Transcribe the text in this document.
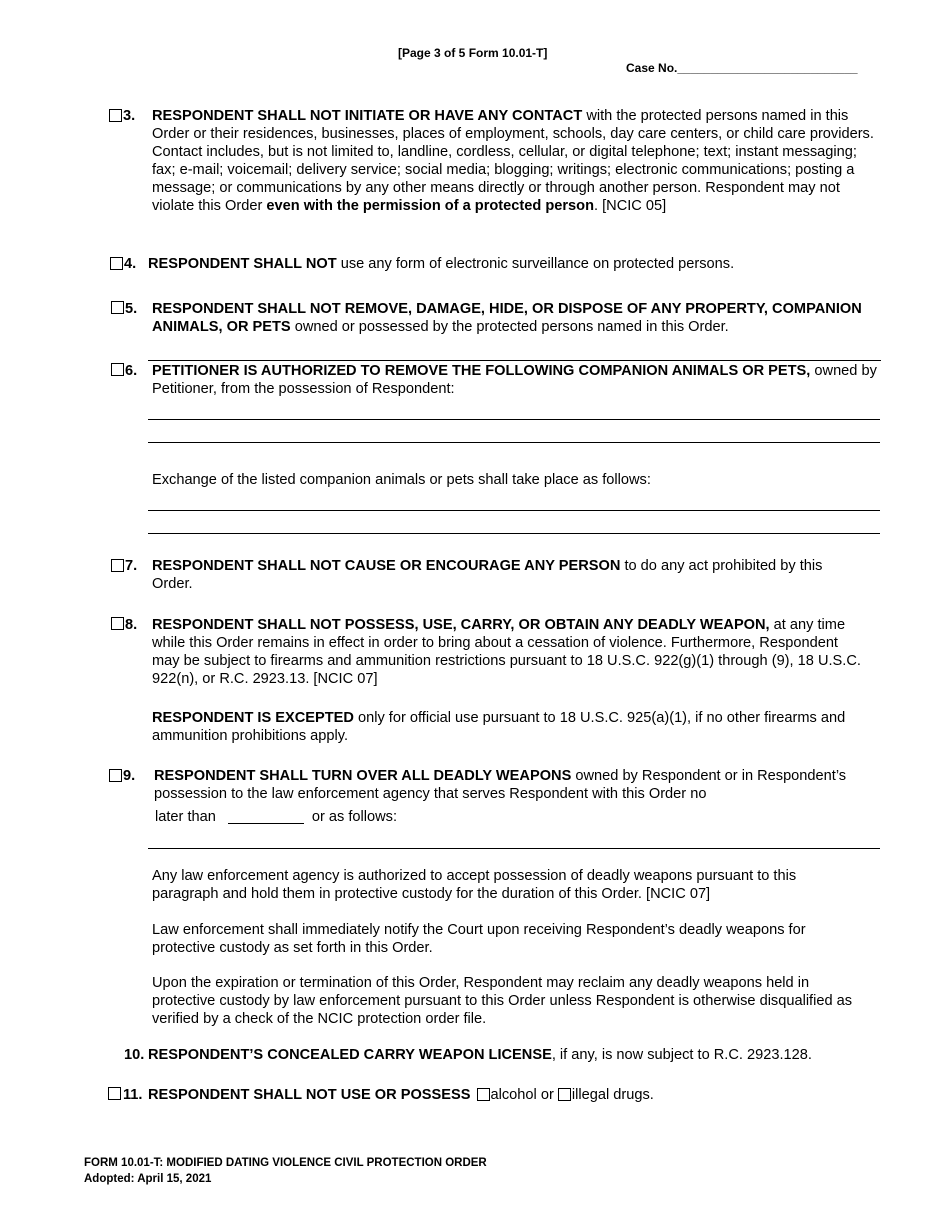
[Page 3 of 5 Form 10.01-T]
Case No.___________________________
3. RESPONDENT SHALL NOT INITIATE OR HAVE ANY CONTACT with the protected persons named in this Order or their residences, businesses, places of employment, schools, day care centers, or child care providers. Contact includes, but is not limited to, landline, cordless, cellular, or digital telephone; text; instant messaging; fax; e-mail; voicemail; delivery service; social media; blogging; writings; electronic communications; posting a message; or communications by any other means directly or through another person. Respondent may not violate this Order even with the permission of a protected person. [NCIC 05]
4. RESPONDENT SHALL NOT use any form of electronic surveillance on protected persons.
5. RESPONDENT SHALL NOT REMOVE, DAMAGE, HIDE, OR DISPOSE OF ANY PROPERTY, COMPANION ANIMALS, OR PETS owned or possessed by the protected persons named in this Order.
6. PETITIONER IS AUTHORIZED TO REMOVE THE FOLLOWING COMPANION ANIMALS OR PETS, owned by Petitioner, from the possession of Respondent:
Exchange of the listed companion animals or pets shall take place as follows:
7. RESPONDENT SHALL NOT CAUSE OR ENCOURAGE ANY PERSON to do any act prohibited by this Order.
8. RESPONDENT SHALL NOT POSSESS, USE, CARRY, OR OBTAIN ANY DEADLY WEAPON, at any time while this Order remains in effect in order to bring about a cessation of violence. Furthermore, Respondent may be subject to firearms and ammunition restrictions pursuant to 18 U.S.C. 922(g)(1) through (9), 18 U.S.C. 922(n), or R.C. 2923.13. [NCIC 07]
RESPONDENT IS EXCEPTED only for official use pursuant to 18 U.S.C. 925(a)(1), if no other firearms and ammunition prohibitions apply.
9. RESPONDENT SHALL TURN OVER ALL DEADLY WEAPONS owned by Respondent or in Respondent’s possession to the law enforcement agency that serves Respondent with this Order no
later than	or as follows:
Any law enforcement agency is authorized to accept possession of deadly weapons pursuant to this paragraph and hold them in protective custody for the duration of this Order. [NCIC 07]
Law enforcement shall immediately notify the Court upon receiving Respondent’s deadly weapons for protective custody as set forth in this Order.
Upon the expiration or termination of this Order, Respondent may reclaim any deadly weapons held in protective custody by law enforcement pursuant to this Order unless Respondent is otherwise disqualified as verified by a check of the NCIC protection order file.
10. RESPONDENT’S CONCEALED CARRY WEAPON LICENSE, if any, is now subject to R.C. 2923.128.
11. RESPONDENT SHALL NOT USE OR POSSESS alcohol or illegal drugs.
FORM 10.01-T: MODIFIED DATING VIOLENCE CIVIL PROTECTION ORDER
Adopted: April 15, 2021
